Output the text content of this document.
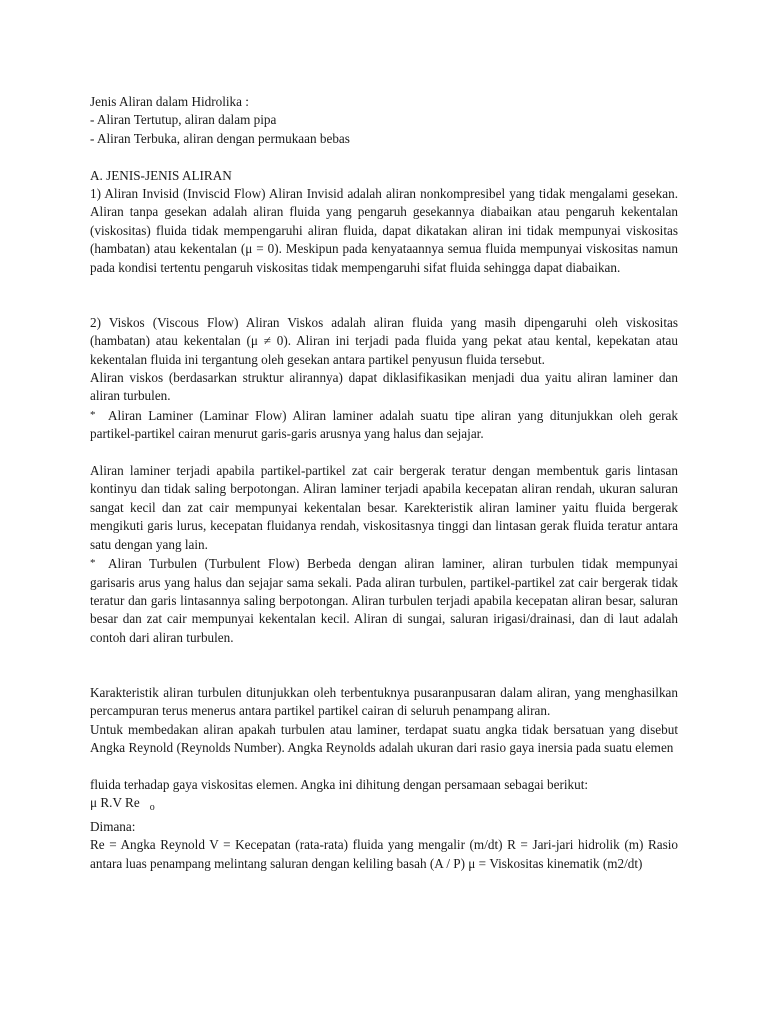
Jenis Aliran dalam Hidrolika :
- Aliran Tertutup, aliran dalam pipa
- Aliran Terbuka, aliran dengan permukaan bebas
A. JENIS-JENIS ALIRAN

1) Aliran Invisid (Inviscid Flow) Aliran Invisid adalah aliran nonkompresibel yang tidak mengalami gesekan. Aliran tanpa gesekan adalah aliran fluida yang pengaruh gesekannya diabaikan atau pengaruh kekentalan (viskositas) fluida tidak mempengaruhi aliran fluida, dapat dikatakan aliran ini tidak mempunyai viskositas (hambatan) atau kekentalan (μ = 0). Meskipun pada kenyataannya semua fluida mempunyai viskositas namun pada kondisi tertentu pengaruh viskositas tidak mempengaruhi sifat fluida sehingga dapat diabaikan.

2) Viskos (Viscous Flow) Aliran Viskos adalah aliran fluida yang masih dipengaruhi oleh viskositas (hambatan) atau kekentalan (μ ≠ 0). Aliran ini terjadi pada fluida yang pekat atau kental, kepekatan atau kekentalan fluida ini tergantung oleh gesekan antara partikel penyusun fluida tersebut.

Aliran viskos (berdasarkan struktur alirannya) dapat diklasifikasikan menjadi dua yaitu aliran laminer dan aliran turbulen.

* Aliran Laminer (Laminar Flow) Aliran laminer adalah suatu tipe aliran yang ditunjukkan oleh gerak partikel-partikel cairan menurut garis-garis arusnya yang halus dan sejajar.

Aliran laminer terjadi apabila partikel-partikel zat cair bergerak teratur dengan membentuk garis lintasan kontinyu dan tidak saling berpotongan. Aliran laminer terjadi apabila kecepatan aliran rendah, ukuran saluran sangat kecil dan zat cair mempunyai kekentalan besar. Karekteristik aliran laminer yaitu fluida bergerak mengikuti garis lurus, kecepatan fluidanya rendah, viskositasnya tinggi dan lintasan gerak fluida teratur antara satu dengan yang lain.

* Aliran Turbulen (Turbulent Flow) Berbeda dengan aliran laminer, aliran turbulen tidak mempunyai garisaris arus yang halus dan sejajar sama sekali. Pada aliran turbulen, partikel-partikel zat cair bergerak tidak teratur dan garis lintasannya saling berpotongan. Aliran turbulen terjadi apabila kecepatan aliran besar, saluran besar dan zat cair mempunyai kekentalan kecil. Aliran di sungai, saluran irigasi/drainasi, dan di laut adalah contoh dari aliran turbulen.

Karakteristik aliran turbulen ditunjukkan oleh terbentuknya pusaranpusaran dalam aliran, yang menghasilkan percampuran terus menerus antara partikel partikel cairan di seluruh penampang aliran.

Untuk membedakan aliran apakah turbulen atau laminer, terdapat suatu angka tidak bersatuan yang disebut Angka Reynold (Reynolds Number). Angka Reynolds adalah ukuran dari rasio gaya inersia pada suatu elemen

fluida terhadap gaya viskositas elemen. Angka ini dihitung dengan persamaan sebagai berikut:

μ R.V Re ο
Dimana:

Re = Angka Reynold V = Kecepatan (rata-rata) fluida yang mengalir (m/dt) R = Jari-jari hidrolik (m) Rasio antara luas penampang melintang saluran dengan keliling basah (A / P) μ = Viskositas kinematik (m2/dt)
